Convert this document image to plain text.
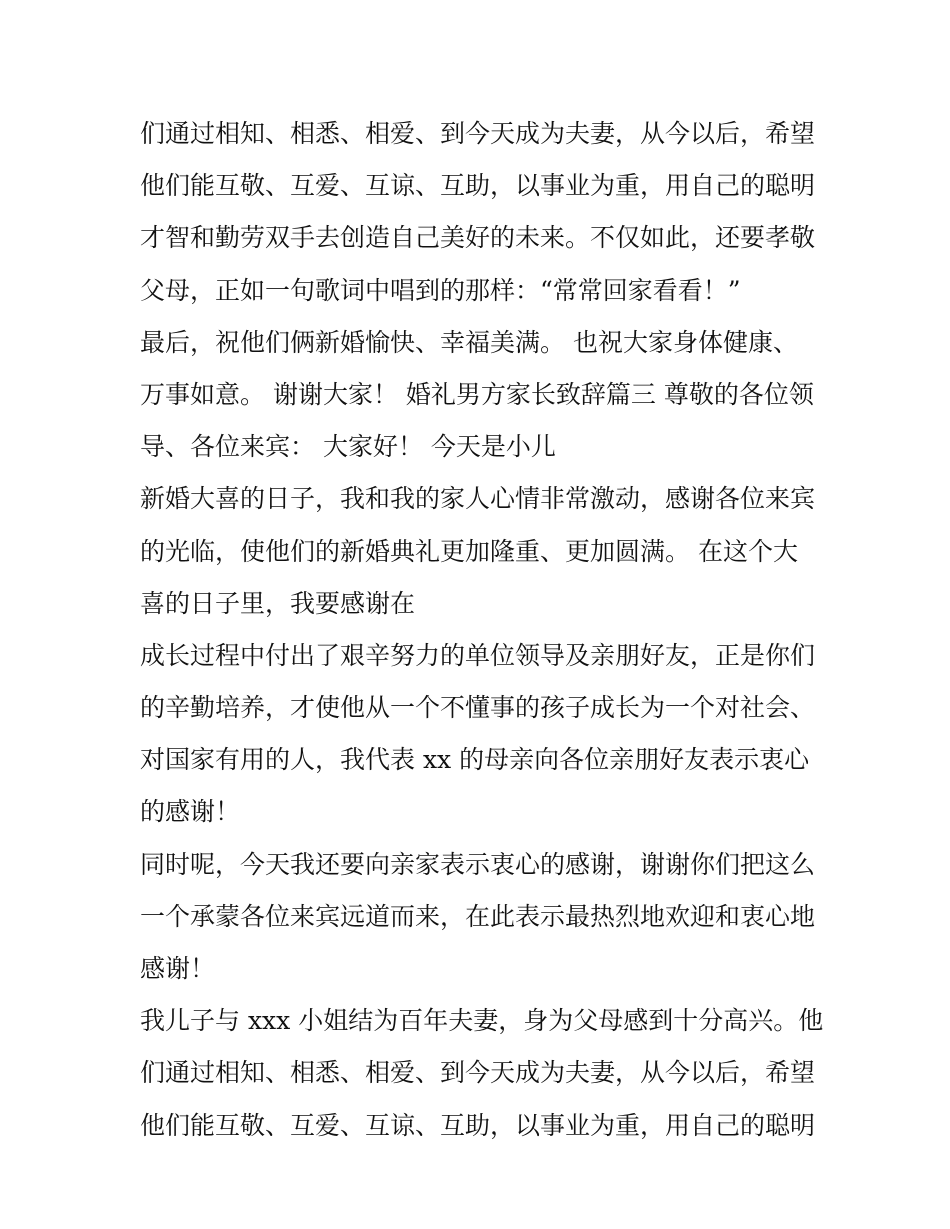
们通过相知、相悉、相爱、到今天成为夫妻，从今以后，希望
他们能互敬、互爱、互谅、互助，以事业为重，用自己的聪明
才智和勤劳双手去创造自己美好的未来。不仅如此，还要孝敬
父母，正如一句歌词中唱到的那样：“常常回家看看！”
最后，祝他们俩新婚愉快、幸福美满。 也祝大家身体健康、
万事如意。 谢谢大家！ 婚礼男方家长致辞篇三 尊敬的各位领
导、各位来宾： 大家好！ 今天是小儿
新婚大喜的日子，我和我的家人心情非常激动，感谢各位来宾
的光临，使他们的新婚典礼更加隆重、更加圆满。 在这个大
喜的日子里，我要感谢在
成长过程中付出了艰辛努力的单位领导及亲朋好友，正是你们
的辛勤培养，才使他从一个不懂事的孩子成长为一个对社会、
对国家有用的人，我代表 xx 的母亲向各位亲朋好友表示衷心
的感谢！
同时呢，今天我还要向亲家表示衷心的感谢，谢谢你们把这么
一个承蒙各位来宾远道而来，在此表示最热烈地欢迎和衷心地
感谢！
我儿子与 xxx 小姐结为百年夫妻，身为父母感到十分高兴。他
们通过相知、相悉、相爱、到今天成为夫妻，从今以后，希望
他们能互敬、互爱、互谅、互助，以事业为重，用自己的聪明
